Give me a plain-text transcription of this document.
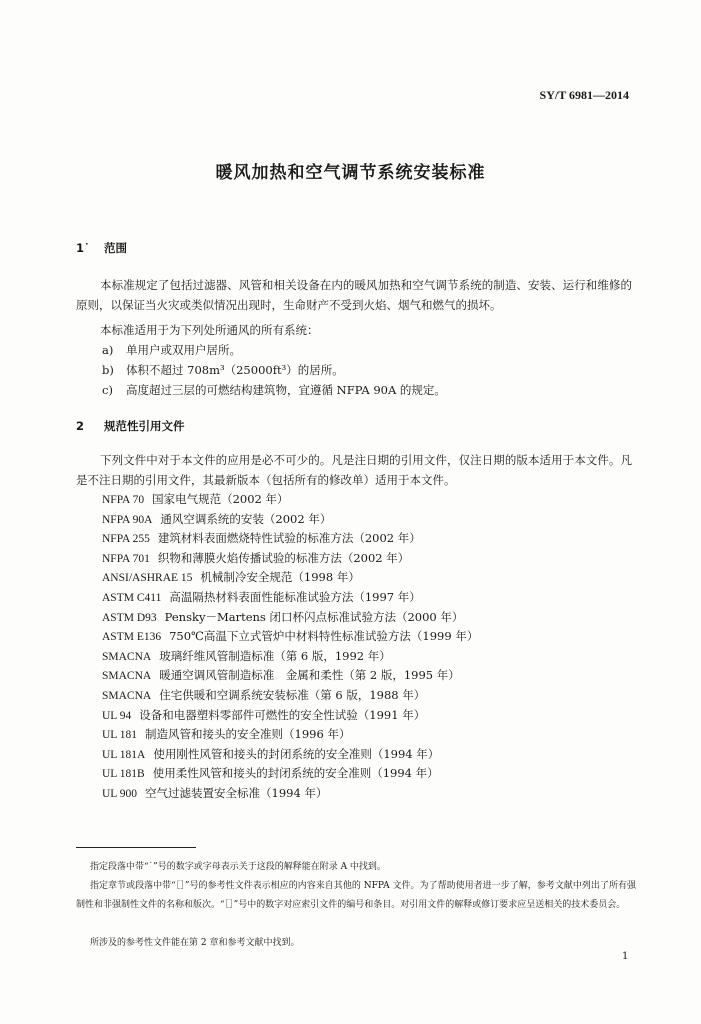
SY/T 6981—2014
暖风加热和空气调节系统安装标准
1˙ 范围
本标准规定了包括过滤器、风管和相关设备在内的暖风加热和空气调节系统的制造、安装、运行和维修的原则，以保证当火灾或类似情况出现时，生命财产不受到火焰、烟气和燃气的损坏。
本标准适用于为下列处所通风的所有系统：
a) 单用户或双用户居所。
b) 体积不超过 708m³（25000ft³）的居所。
c) 高度超过三层的可燃结构建筑物，宜遵循 NFPA 90A 的规定。
2 规范性引用文件
下列文件中对于本文件的应用是必不可少的。凡是注日期的引用文件，仅注日期的版本适用于本文件。凡是不注日期的引用文件，其最新版本（包括所有的修改单）适用于本文件。
NFPA 70 国家电气规范（2002 年）
NFPA 90A 通风空调系统的安装（2002 年）
NFPA 255 建筑材料表面燃烧特性试验的标准方法（2002 年）
NFPA 701 织物和薄膜火焰传播试验的标准方法（2002 年）
ANSI/ASHRAE 15 机械制冷安全规范（1998 年）
ASTM C411 高温隔热材料表面性能标准试验方法（1997 年）
ASTM D93 Pensky－Martens 闭口杯闪点标准试验方法（2000 年）
ASTM E136 750℃高温下立式管炉中材料特性标准试验方法（1999 年）
SMACNA 玻璃纤维风管制造标准（第 6 版，1992 年）
SMACNA 暖通空调风管制造标准　金属和柔性（第 2 版，1995 年）
SMACNA 住宅供暖和空调系统安装标准（第 6 版，1988 年）
UL 94 设备和电器塑料零部件可燃性的安全性试验（1991 年）
UL 181 制造风管和接头的安全准则（1996 年）
UL 181A 使用刚性风管和接头的封闭系统的安全准则（1994 年）
UL 181B 使用柔性风管和接头的封闭系统的安全准则（1994 年）
UL 900 空气过滤装置安全标准（1994 年）
指定段落中带“˙”号的数字或字母表示关于这段的解释能在附录 A 中找到。
指定章节或段落中带“［］”号的参考性文件表示相应的内容来自其他的 NFPA 文件。为了帮助使用者进一步了解，参考文献中列出了所有强制性和非强制性文件的名称和版次。“［］”号中的数字对应索引文件的编号和条目。对引用文件的解释或修订要求应呈送相关的技术委员会。
所涉及的参考性文件能在第 2 章和参考文献中找到。
1
